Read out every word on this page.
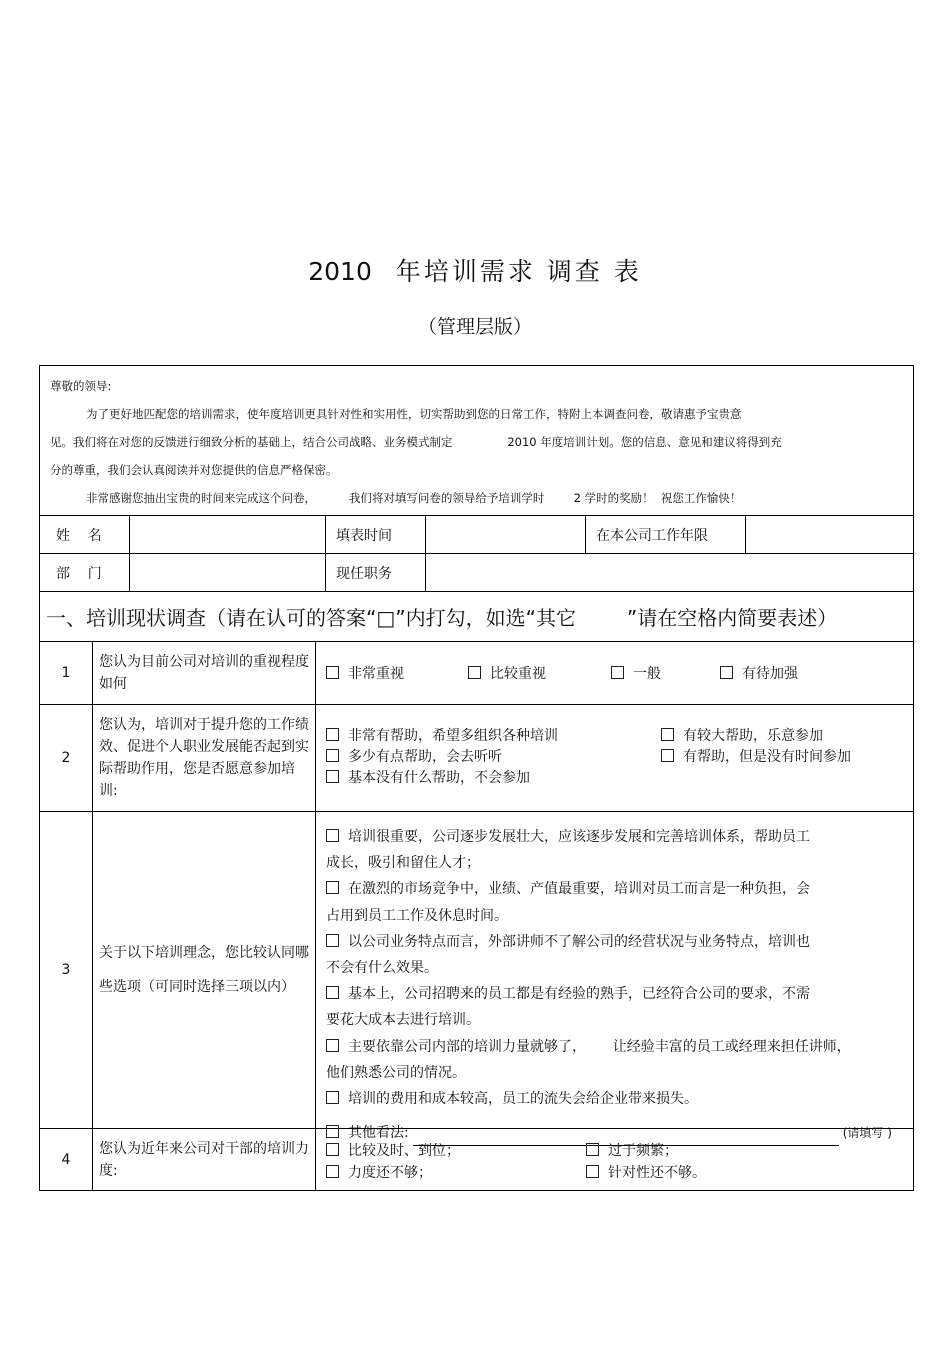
2010 年培训需求 调查 表
（管理层版）

尊敬的领导:

为了更好地匹配您的培训需求，使年度培训更具针对性和实用性，切实帮助到您的日常工作，特附上本调查问卷，敬请惠予宝贵意

见。我们将在对您的反馈进行细致分析的基础上，结合公司战略、业务模式制定               2010 年度培训计划。您的信息、意见和建议将得到充

分的尊重，我们会认真阅读并对您提供的信息严格保密。

非常感谢您抽出宝贵的时间来完成这个问卷，         我们将对填写问卷的领导给予培训学时        2 学时的奖励！  祝您工作愉快！

姓    名	填表时间	在本公司工作年限
部    门	现任职务
一、培训现状调查（请在认可的答案“□”内打勾，如选“其它        ”请在空格内简要表述）
1
您认为目前公司对培训的重视程度如何
非常重视	比较重视	一般	有待加强
2
您认为，培训对于提升您的工作绩效、促进个人职业发展能否起到实际帮助作用，您是否愿意参加培训:
非常有帮助，希望多组织各种培训	有较大帮助，乐意参加
多少有点帮助，会去听听	有帮助，但是没有时间参加
基本没有什么帮助，不会参加
3
关于以下培训理念，您比较认同哪些选项（可同时选择三项以内）
培训很重要，公司逐步发展壮大，应该逐步发展和完善培训体系，帮助员工
成长，吸引和留住人才；
在激烈的市场竞争中，业绩、产值最重要，培训对员工而言是一种负担，会
占用到员工工作及休息时间。
以公司业务特点而言，外部讲师不了解公司的经营状况与业务特点，培训也
不会有什么效果。
基本上，公司招聘来的员工都是有经验的熟手，已经符合公司的要求，不需
要花大成本去进行培训。
主要依靠公司内部的培训力量就够了，      让经验丰富的员工或经理来担任讲师，
他们熟悉公司的情况。
培训的费用和成本较高，员工的流失会给企业带来损失。
其他看法:	(请填写 )
4
您认为近年来公司对干部的培训力度:
比较及时、到位；	过于频繁；
力度还不够；	针对性还不够。
